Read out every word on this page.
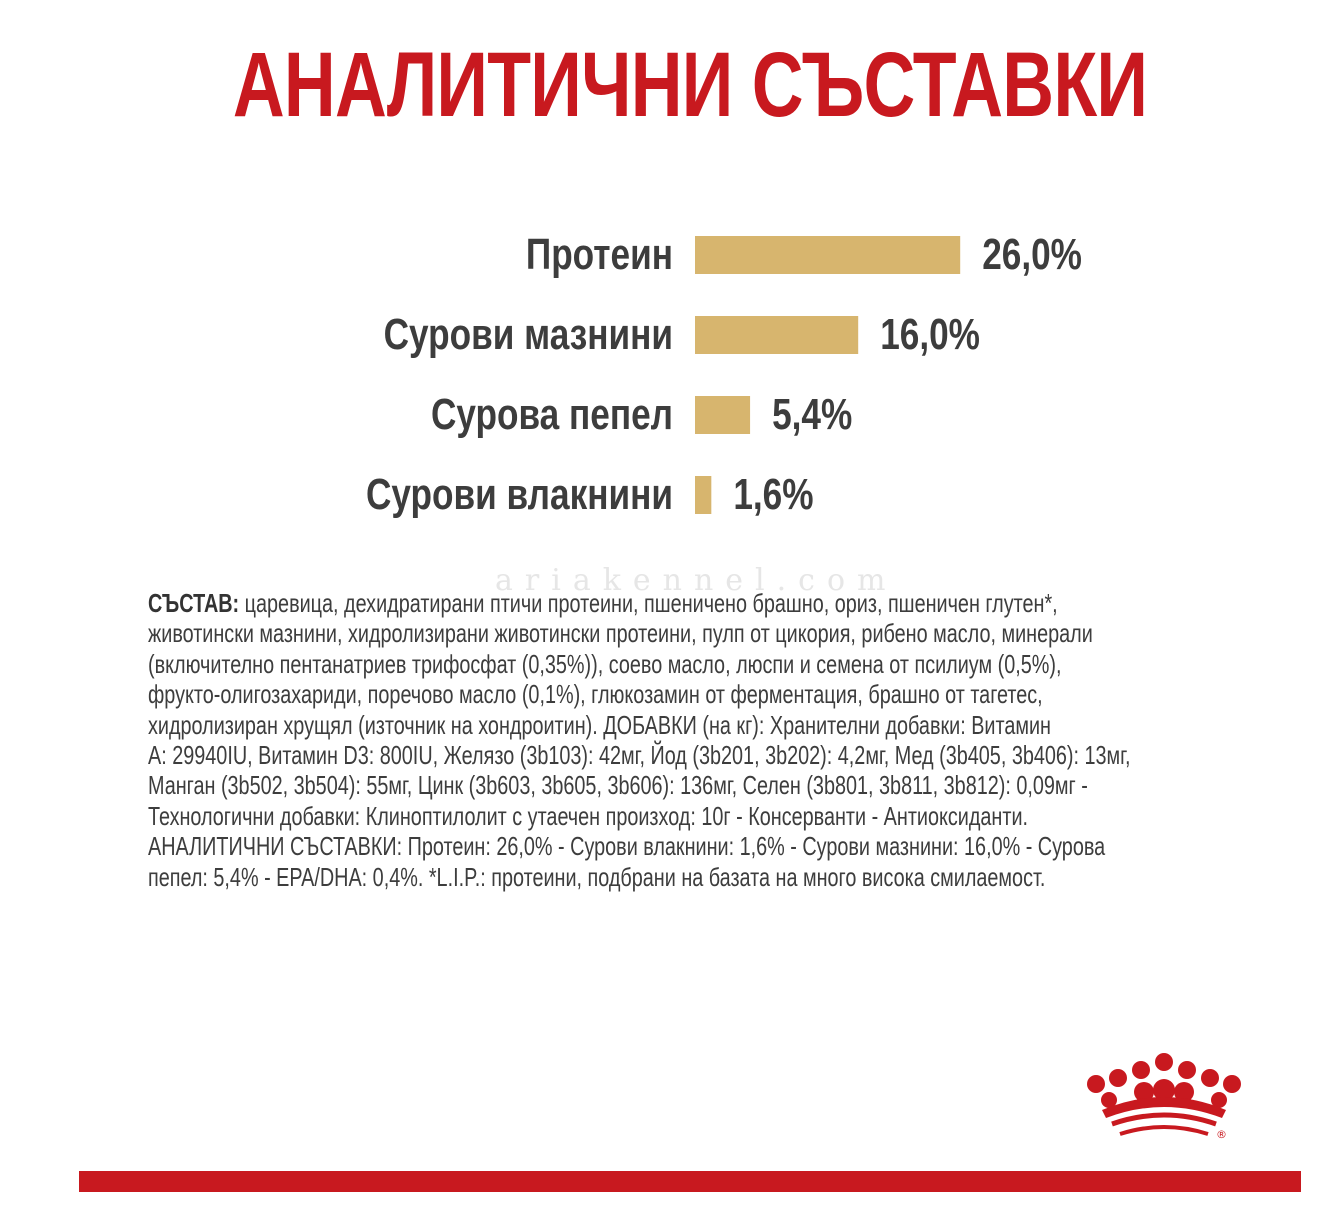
АНАЛИТИЧНИ СЪСТАВКИ
ariakennel.com
Протеин	26,0%
Сурови мазнини	16,0%
Сурова пепел 5,4%
Сурови влакнини 1,6%
СЪСТАВ: царевица, дехидратирани птичи протеини, пшеничено брашно, ориз, пшеничен глутен*,
животински мазнини, хидролизирани животински протеини, пулп от цикория, рибено масло, минерали
(включително пентанатриев трифосфат (0,35%)), соево масло, люспи и семена от псилиум (0,5%),
фрукто-олигозахариди, поречово масло (0,1%), глюкозамин от ферментация, брашно от тагетес,
хидролизиран хрущял (източник на хондроитин). ДОБАВКИ (на кг): Хранителни добавки: Витамин
A: 29940IU, Витамин D3: 800IU, Желязо (3b103): 42мг, Йод (3b201, 3b202): 4,2мг, Мед (3b405, 3b406): 13мг,
Манган (3b502, 3b504): 55мг, Цинк (3b603, 3b605, 3b606): 136мг, Селен (3b801, 3b811, 3b812): 0,09мг -
Технологични добавки: Клиноптилолит с утаечен произход: 10г - Консерванти - Антиоксиданти.
АНАЛИТИЧНИ СЪСТАВКИ: Протеин: 26,0% - Сурови влакнини: 1,6% - Сурови мазнини: 16,0% - Сурова
пепел: 5,4% - EPA/DHA: 0,4%. *L.I.P.: протеини, подбрани на базата на много висока смилаемост.
®
